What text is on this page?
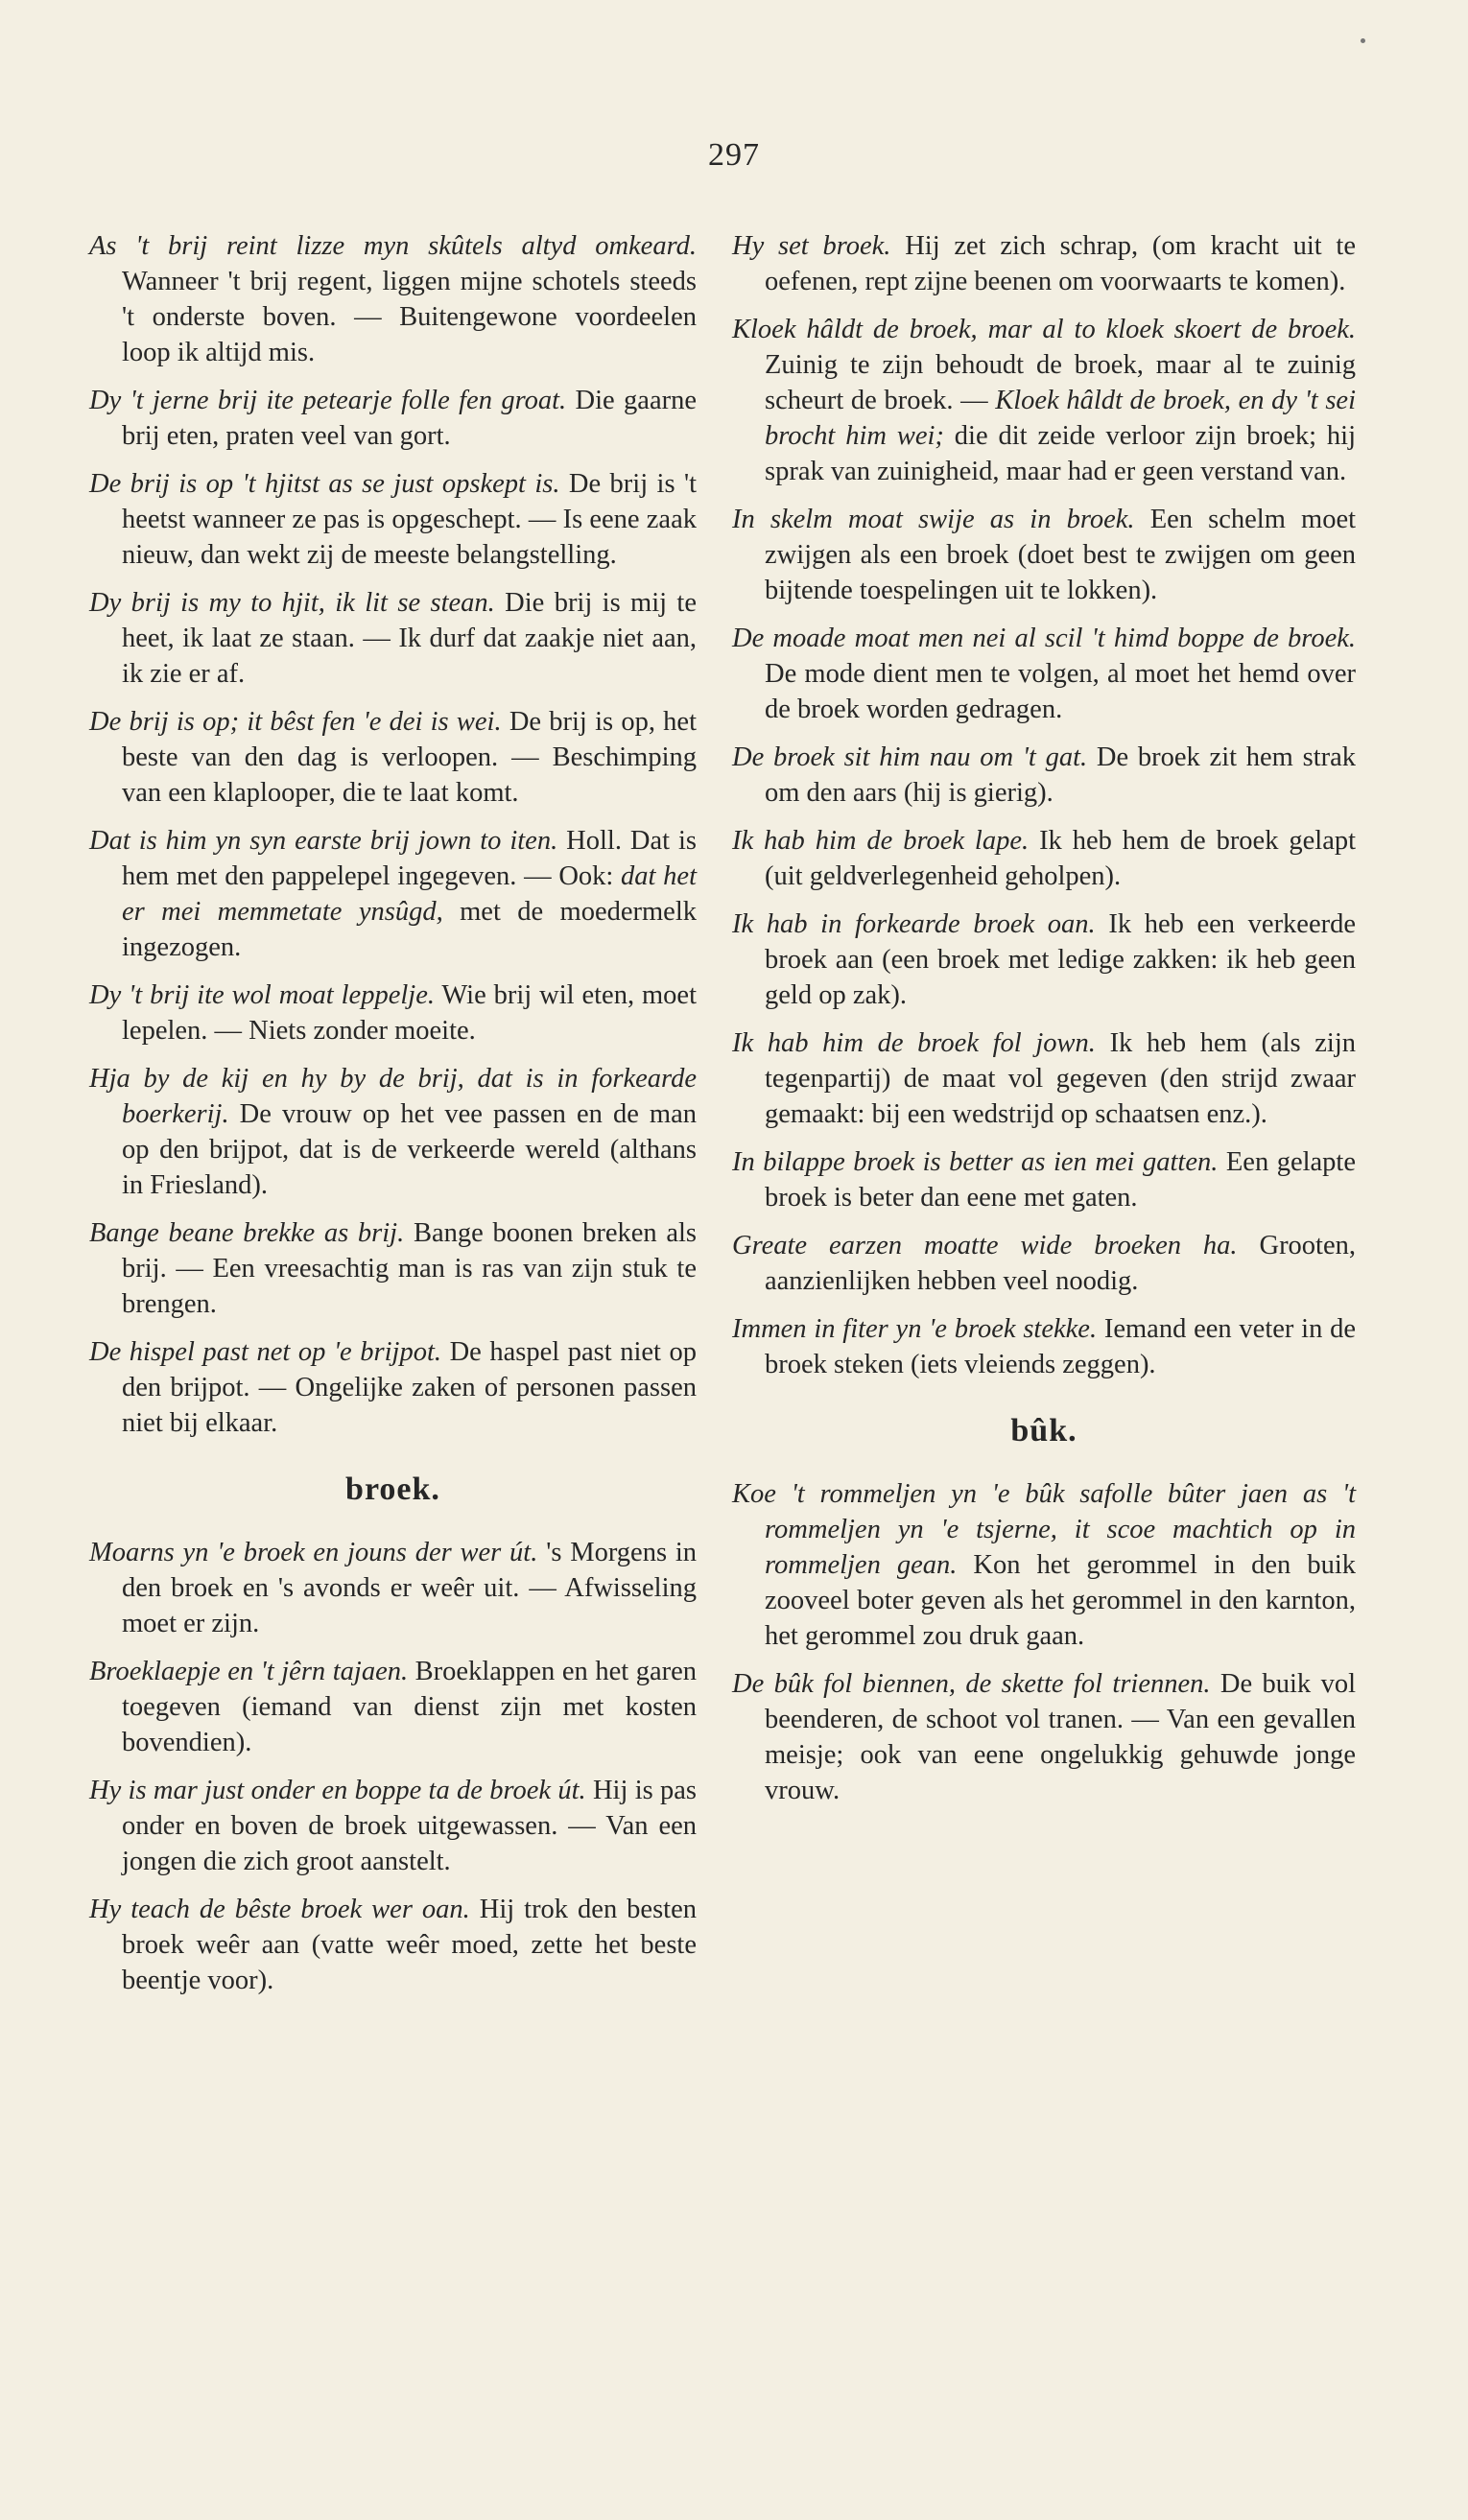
297

As 't brij reint lizze myn skûtels altyd omkeard. Wanneer 't brij regent, liggen mijne schotels steeds 't onderste boven. — Buitengewone voordeelen loop ik altijd mis.

Dy 't jerne brij ite petearje folle fen groat. Die gaarne brij eten, praten veel van gort.

De brij is op 't hjitst as se just opskept is. De brij is 't heetst wanneer ze pas is opgeschept. — Is eene zaak nieuw, dan wekt zij de meeste belangstelling.

Dy brij is my to hjit, ik lit se stean. Die brij is mij te heet, ik laat ze staan. — Ik durf dat zaakje niet aan, ik zie er af.

De brij is op; it bêst fen 'e dei is wei. De brij is op, het beste van den dag is verloopen. — Beschimping van een klaplooper, die te laat komt.

Dat is him yn syn earste brij jown to iten. Holl. Dat is hem met den pappelepel ingegeven. — Ook: dat het er mei memmetate ynsûgd, met de moedermelk ingezogen.

Dy 't brij ite wol moat leppelje. Wie brij wil eten, moet lepelen. — Niets zonder moeite.

Hja by de kij en hy by de brij, dat is in forkearde boerkerij. De vrouw op het vee passen en de man op den brijpot, dat is de verkeerde wereld (althans in Friesland).

Bange beane brekke as brij. Bange boonen breken als brij. — Een vreesachtig man is ras van zijn stuk te brengen.

De hispel past net op 'e brijpot. De haspel past niet op den brijpot. — Ongelijke zaken of personen passen niet bij elkaar.

broek.

Moarns yn 'e broek en jouns der wer út. 's Morgens in den broek en 's avonds er weêr uit. — Afwisseling moet er zijn.

Broeklaepje en 't jêrn tajaen. Broeklappen en het garen toegeven (iemand van dienst zijn met kosten bovendien).

Hy is mar just onder en boppe ta de broek út. Hij is pas onder en boven de broek uitgewassen. — Van een jongen die zich groot aanstelt.

Hy teach de bêste broek wer oan. Hij trok den besten broek weêr aan (vatte weêr moed, zette het beste beentje voor).

Hy set broek. Hij zet zich schrap, (om kracht uit te oefenen, rept zijne beenen om voorwaarts te komen).

Kloek hâldt de broek, mar al to kloek skoert de broek. Zuinig te zijn behoudt de broek, maar al te zuinig scheurt de broek. — Kloek hâldt de broek, en dy 't sei brocht him wei; die dit zeide verloor zijn broek; hij sprak van zuinigheid, maar had er geen verstand van.

In skelm moat swije as in broek. Een schelm moet zwijgen als een broek (doet best te zwijgen om geen bijtende toespelingen uit te lokken).

De moade moat men nei al scil 't himd boppe de broek. De mode dient men te volgen, al moet het hemd over de broek worden gedragen.

De broek sit him nau om 't gat. De broek zit hem strak om den aars (hij is gierig).

Ik hab him de broek lape. Ik heb hem de broek gelapt (uit geldverlegenheid geholpen).

Ik hab in forkearde broek oan. Ik heb een verkeerde broek aan (een broek met ledige zakken: ik heb geen geld op zak).

Ik hab him de broek fol jown. Ik heb hem (als zijn tegenpartij) de maat vol gegeven (den strijd zwaar gemaakt: bij een wedstrijd op schaatsen enz.).

In bilappe broek is better as ien mei gatten. Een gelapte broek is beter dan eene met gaten.

Greate earzen moatte wide broeken ha. Grooten, aanzienlijken hebben veel noodig.

Immen in fiter yn 'e broek stekke. Iemand een veter in de broek steken (iets vleiends zeggen).

bûk.

Koe 't rommeljen yn 'e bûk safolle bûter jaen as 't rommeljen yn 'e tsjerne, it scoe machtich op in rommeljen gean. Kon het gerommel in den buik zooveel boter geven als het gerommel in den karnton, het gerommel zou druk gaan.

De bûk fol biennen, de skette fol triennen. De buik vol beenderen, de schoot vol tranen. — Van een gevallen meisje; ook van eene ongelukkig gehuwde jonge vrouw.
